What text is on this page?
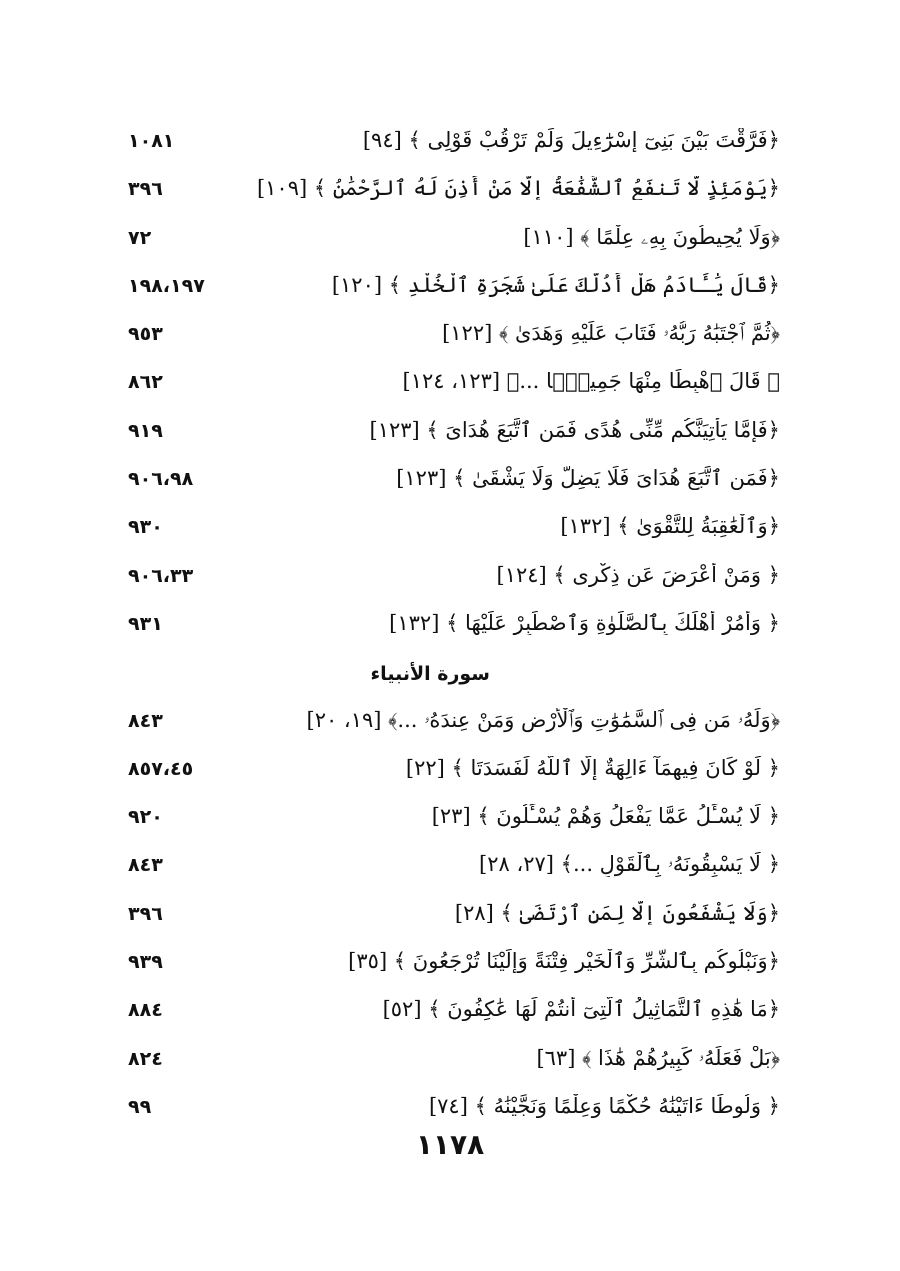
﴿فَرَّقْتَ بَيْنَ بَنِىٓ إِسْرَٰٓءِيلَ وَلَمْ تَرْقُبْ قَوْلِى ﴾ [٩٤]
١٠٨١
﴿يَوْمَئِذٍ لَّا تَنفَعُ ٱلشَّفَٰعَةُ إِلَّا مَنْ أَذِنَ لَهُ ٱلرَّحْمَٰنُ ﴾ [١٠٩]
٣٩٦
﴿وَلَا يُحِيطُونَ بِهِۦ عِلْمًا ﴾ [١١٠]
٧٢
﴿قَالَ يَٰٓـَٔادَمُ هَلْ أَدُلُّكَ عَلَىٰ شَجَرَةِ ٱلْخُلْدِ ﴾ [١٢٠]
١٩٨،١٩٧
﴿ثُمَّ ٱجْتَبَٰهُ رَبُّهُۥ فَتَابَ عَلَيْهِ وَهَدَىٰ ﴾ [١٢٢]
٩٥٣
﴿ قَالَ ٱهْبِطَا مِنْهَا جَمِيعًۢا ...﴾ [١٢٣، ١٢٤]
٨٦٢
﴿فَإِمَّا يَأْتِيَنَّكُم مِّنِّى هُدًى فَمَنِ ٱتَّبَعَ هُدَاىَ ﴾ [١٢٣]
٩١٩
﴿فَمَنِ ٱتَّبَعَ هُدَاىَ فَلَا يَضِلُّ وَلَا يَشْقَىٰ ﴾ [١٢٣]
٩٠٦،٩٨
﴿وَٱلْعَٰقِبَةُ لِلتَّقْوَىٰ ﴾ [١٣٢]
٩٣٠
﴿ وَمَنْ أَعْرَضَ عَن ذِكْرِى ﴾ [١٢٤]
٩٠٦،٣٣
﴿ وَأْمُرْ أَهْلَكَ بِٱلصَّلَوٰةِ وَٱصْطَبِرْ عَلَيْهَا ﴾ [١٣٢]
٩٣١
سورة الأنبياء
﴿وَلَهُۥ مَن فِى ٱلسَّمَٰوَٰتِ وَٱلْأَرْضِ وَمَنْ عِندَهُۥ ...﴾ [١٩، ٢٠]
٨٤٣
﴿ لَوْ كَانَ فِيهِمَآ ءَالِهَةٌ إِلَّا ٱللَّهُ لَفَسَدَتَا ﴾ [٢٢]
٨٥٧،٤٥
﴿ لَا يُسْـَٔلُ عَمَّا يَفْعَلُ وَهُمْ يُسْـَٔلُونَ ﴾ [٢٣]
٩٢٠
﴿ لَا يَسْبِقُونَهُۥ بِٱلْقَوْلِ ...﴾ [٢٧، ٢٨]
٨٤٣
﴿وَلَا يَشْفَعُونَ إِلَّا لِمَنِ ٱرْتَضَىٰ ﴾ [٢٨]
٣٩٦
﴿وَنَبْلُوكُم بِٱلشَّرِّ وَٱلْخَيْرِ فِتْنَةً وَإِلَيْنَا تُرْجَعُونَ ﴾ [٣٥]
٩٣٩
﴿مَا هَٰذِهِ ٱلتَّمَاثِيلُ ٱلَّتِىٓ أَنتُمْ لَهَا عَٰكِفُونَ ﴾ [٥٢]
٨٨٤
﴿بَلْ فَعَلَهُۥ كَبِيرُهُمْ هَٰذَا ﴾ [٦٣]
٨٢٤
﴿ وَلُوطًا ءَاتَيْنَٰهُ حُكْمًا وَعِلْمًا وَنَجَّيْنَٰهُ ﴾ [٧٤]
٩٩
١١٧٨
